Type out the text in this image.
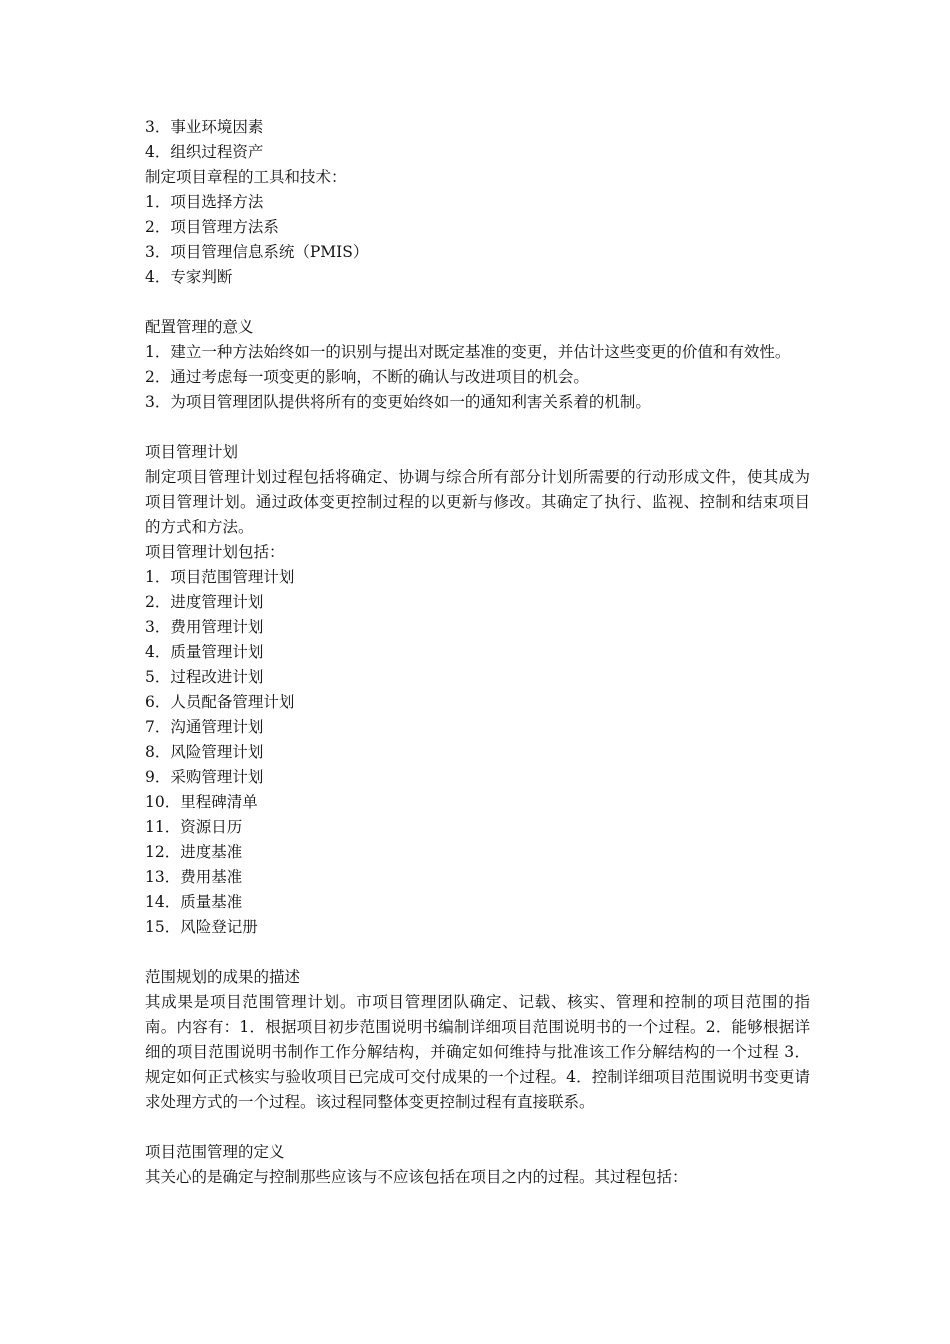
3．事业环境因素

4．组织过程资产

制定项目章程的工具和技术：

1．项目选择方法

2．项目管理方法系

3．项目管理信息系统（PMIS）

4．专家判断

配置管理的意义

1．建立一种方法始终如一的识别与提出对既定基准的变更，并估计这些变更的价值和有效性。

2．通过考虑每一项变更的影响，不断的确认与改进项目的机会。

3．为项目管理团队提供将所有的变更始终如一的通知利害关系着的机制。

项目管理计划

制定项目管理计划过程包括将确定、协调与综合所有部分计划所需要的行动形成文件，使其成为项目管理计划。通过政体变更控制过程的以更新与修改。其确定了执行、监视、控制和结束项目的方式和方法。

项目管理计划包括：

1．项目范围管理计划

2．进度管理计划

3．费用管理计划

4．质量管理计划

5．过程改进计划

6．人员配备管理计划

7．沟通管理计划

8．风险管理计划

9．采购管理计划

10．里程碑清单

11．资源日历

12．进度基准

13．费用基准

14．质量基准

15．风险登记册

范围规划的成果的描述

其成果是项目范围管理计划。市项目管理团队确定、记载、核实、管理和控制的项目范围的指南。内容有：1．根据项目初步范围说明书编制详细项目范围说明书的一个过程。2．能够根据详细的项目范围说明书制作工作分解结构，并确定如何维持与批准该工作分解结构的一个过程 3．规定如何正式核实与验收项目已完成可交付成果的一个过程。4．控制详细项目范围说明书变更请求处理方式的一个过程。该过程同整体变更控制过程有直接联系。

项目范围管理的定义

其关心的是确定与控制那些应该与不应该包括在项目之内的过程。其过程包括：
